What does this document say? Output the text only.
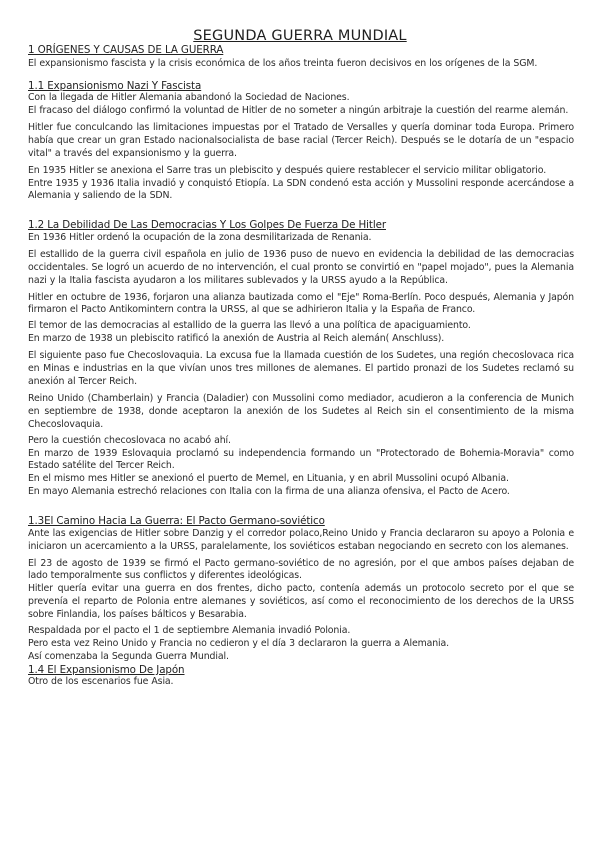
SEGUNDA GUERRA MUNDIAL
1 ORÍGENES Y CAUSAS DE LA GUERRA
El expansionismo fascista y la crisis económica de los años treinta fueron decisivos en los orígenes de la SGM.
1.1 Expansionismo Nazi Y Fascista
Con la llegada de Hitler Alemania abandonó la Sociedad de Naciones.
El fracaso del diálogo confirmó la voluntad de Hitler de no someter a ningún arbitraje la cuestión del rearme alemán.
Hitler fue conculcando las limitaciones impuestas por el Tratado de Versalles y quería dominar toda Europa. Primero había que crear un gran Estado nacionalsocialista de base racial (Tercer Reich). Después se le dotaría de un "espacio vital" a través del expansionismo y la guerra.
En 1935 Hitler se anexiona el Sarre tras un plebiscito y después quiere restablecer el servicio militar obligatorio.
Entre 1935 y 1936 Italia invadió y conquistó Etiopía. La SDN condenó esta acción y Mussolini responde acercándose a Alemania y saliendo de la SDN.
1.2 La Debilidad De Las Democracias Y Los Golpes De Fuerza De Hitler
En 1936 Hitler ordenó la ocupación de la zona desmilitarizada de Renania.
El estallido de la guerra civil española en julio de 1936 puso de nuevo en evidencia la debilidad de las democracias occidentales. Se logró un acuerdo de no intervención, el cual pronto se convirtió en "papel mojado", pues la Alemania nazi y la Italia fascista ayudaron a los militares sublevados y la URSS ayudo a la República.
Hitler en octubre de 1936, forjaron una alianza bautizada como el "Eje" Roma-Berlín. Poco después, Alemania y Japón firmaron el Pacto Antikomintern contra la URSS, al que se adhirieron Italia y la España de Franco.
El temor de las democracias al estallido de la guerra las llevó a una política de apaciguamiento.
En marzo de 1938 un plebiscito ratificó la anexión de Austria al Reich alemán( Anschluss).
El siguiente paso fue Checoslovaquia. La excusa fue la llamada cuestión de los Sudetes, una región checoslovaca rica en Minas e industrias en la que vivían unos tres millones de alemanes. El partido pronazi de los Sudetes reclamó su anexión al Tercer Reich.
Reino Unido (Chamberlain) y Francia (Daladier) con Mussolini como mediador, acudieron a la conferencia de Munich en septiembre de 1938, donde aceptaron la anexión de los Sudetes al Reich sin el consentimiento de la misma Checoslovaquia.
Pero la cuestión checoslovaca no acabó ahí.
En marzo de 1939 Eslovaquia proclamó su independencia formando un "Protectorado de Bohemia-Moravia" como Estado satélite del Tercer Reich.
En el mismo mes Hitler se anexionó el puerto de Memel, en Lituania, y en abril Mussolini ocupó Albania.
En mayo Alemania estrechó relaciones con Italia con la firma de una alianza ofensiva, el Pacto de Acero.
1.3El Camino Hacia La Guerra: El Pacto Germano-soviético
Ante las exigencias de Hitler sobre Danzig y el corredor polaco,Reino Unido y Francia declararon su apoyo a Polonia e iniciaron un acercamiento a la URSS, paralelamente, los soviéticos estaban negociando en secreto con los alemanes.
El 23 de agosto de 1939 se firmó el Pacto germano-soviético de no agresión, por el que ambos países dejaban de lado temporalmente sus conflictos y diferentes ideológicas.
Hitler quería evitar una guerra en dos frentes, dicho pacto, contenía además un protocolo secreto por el que se prevenía el reparto de Polonia entre alemanes y soviéticos, así como el reconocimiento de los derechos de la URSS sobre Finlandia, los países bálticos y Besarabia.
Respaldada por el pacto el 1 de septiembre Alemania invadió Polonia.
Pero esta vez Reino Unido y Francia no cedieron y el día 3 declararon la guerra a Alemania.
Así comenzaba la Segunda Guerra Mundial.
1.4 El Expansionismo De Japón
Otro de los escenarios fue Asia.
